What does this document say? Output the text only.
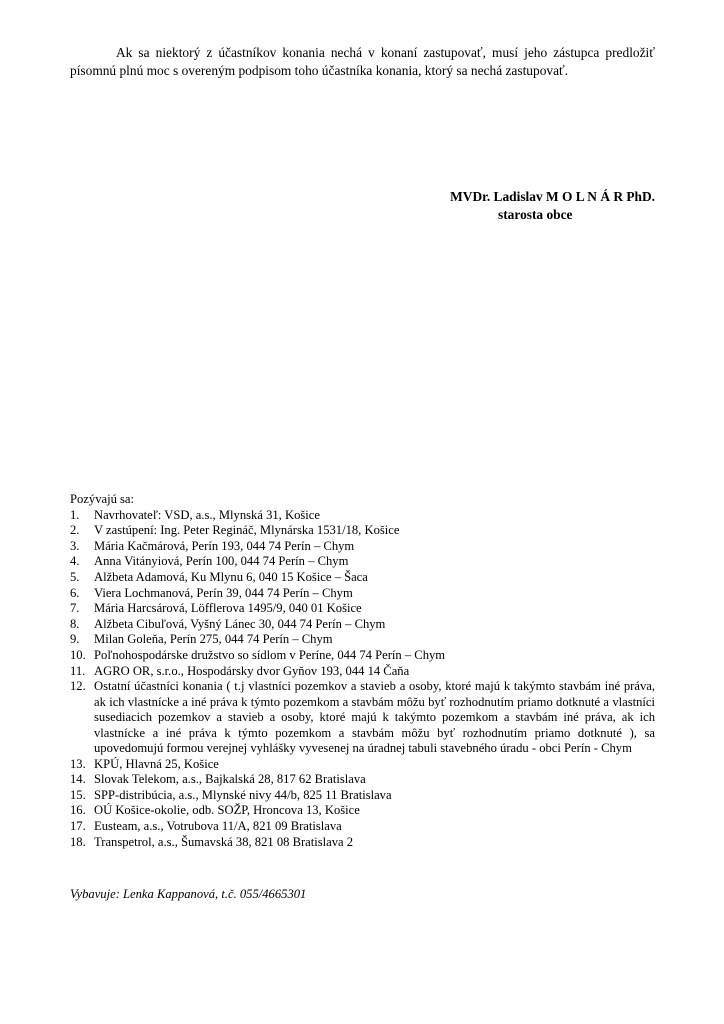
Ak sa niektorý z účastníkov konania nechá v konaní zastupovať, musí jeho zástupca predložiť písomnú plnú moc s overeným podpisom toho účastníka konania, ktorý sa nechá zastupovať.

MVDr. Ladislav M O L N Á R PhD.
starosta obce
Pozývajú sa:
1.	Navrhovateľ: VSD, a.s., Mlynská 31, Košice
2.	V zastúpení: Ing. Peter Regináč, Mlynárska 1531/18, Košice
3.	Mária Kačmárová, Perín 193, 044 74 Perín – Chym
4.	Anna Vitányiová, Perín 100, 044 74 Perín – Chym
5.	Alžbeta Adamová, Ku Mlynu 6, 040 15 Košice – Šaca
6.	Viera Lochmanová, Perín 39, 044 74 Perín – Chym
7.	Mária Harcsárová, Löfflerova 1495/9, 040 01 Košice
8.	Alžbeta Cibuľová, Vyšný Lánec 30, 044 74 Perín – Chym
9.	Milan Goleňa, Perín 275, 044 74 Perín – Chym
10. Poľnohospodárske družstvo so sídlom v Períne, 044 74 Perín – Chym
11. AGRO OR, s.r.o., Hospodársky dvor Gyňov 193, 044 14 Čaňa
12. Ostatní účastníci konania ( t.j vlastníci pozemkov a stavieb a osoby, ktoré majú k takýmto stavbám iné práva, ak ich vlastnícke a iné práva k týmto pozemkom a stavbám môžu byť rozhodnutím priamo dotknuté a vlastníci susediacich pozemkov a stavieb a osoby, ktoré majú k takýmto pozemkom a stavbám iné práva, ak ich vlastnícke a iné práva k týmto pozemkom a stavbám môžu byť rozhodnutím priamo dotknuté ), sa upovedomujú formou verejnej vyhlášky vyvesenej na úradnej tabuli stavebného úradu - obci Perín - Chym
13. KPÚ, Hlavná 25, Košice
14. Slovak Telekom, a.s., Bajkalská 28, 817 62 Bratislava
15. SPP-distribúcia, a.s., Mlynské nivy 44/b, 825 11 Bratislava
16. OÚ Košice-okolie, odb. SOŽP, Hroncova 13, Košice
17. Eusteam, a.s., Votrubova 11/A, 821 09 Bratislava
18. Transpetrol, a.s., Šumavská 38, 821 08 Bratislava 2
Vybavuje: Lenka Kappanová, t.č. 055/4665301
